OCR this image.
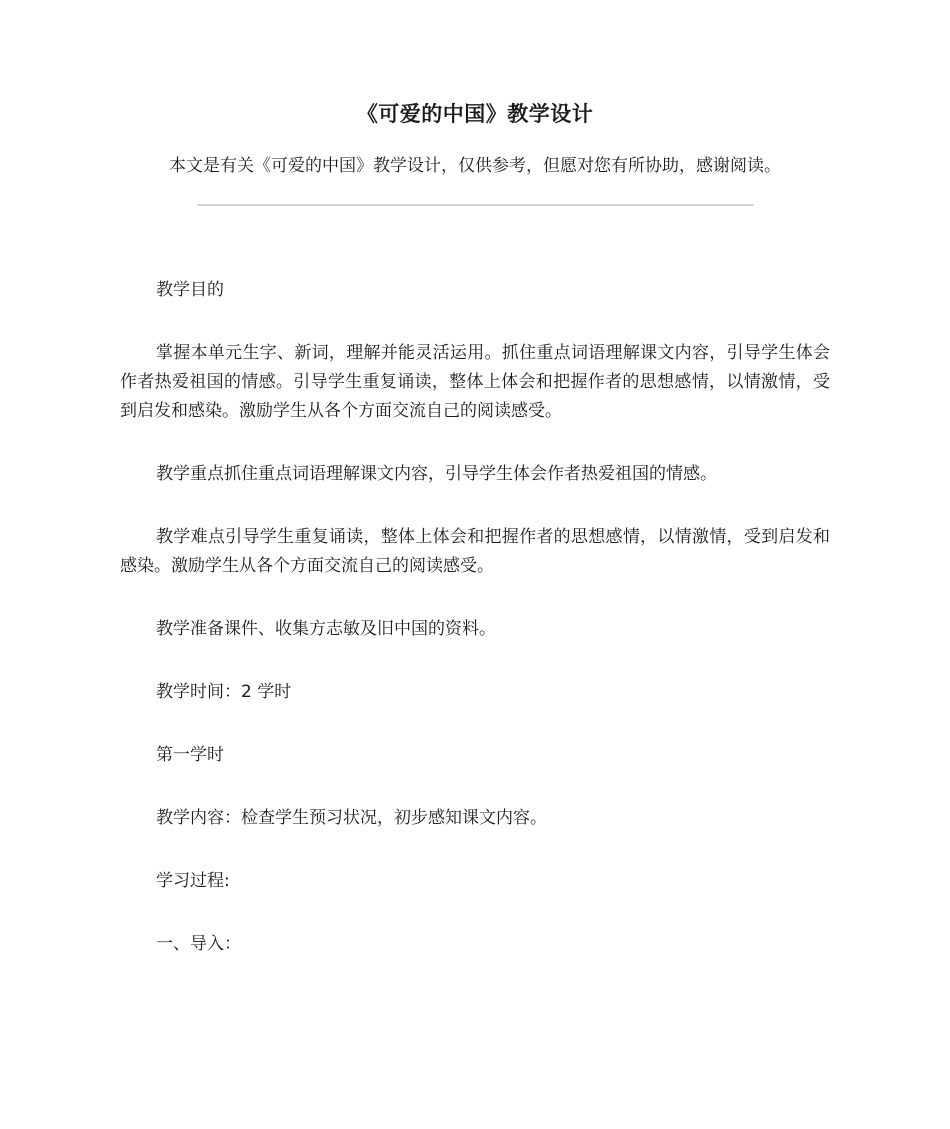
《可爱的中国》教学设计

本文是有关《可爱的中国》教学设计，仅供参考，但愿对您有所协助，感谢阅读。

教学目的

掌握本单元生字、新词，理解并能灵活运用。抓住重点词语理解课文内容，引导学生体会作者热爱祖国的情感。引导学生重复诵读，整体上体会和把握作者的思想感情，以情激情，受到启发和感染。激励学生从各个方面交流自己的阅读感受。

教学重点抓住重点词语理解课文内容，引导学生体会作者热爱祖国的情感。

教学难点引导学生重复诵读，整体上体会和把握作者的思想感情，以情激情，受到启发和感染。激励学生从各个方面交流自己的阅读感受。

教学准备课件、收集方志敏及旧中国的资料。

教学时间：2 学时

第一学时

教学内容：检查学生预习状况，初步感知课文内容。

学习过程:

一、导入：
